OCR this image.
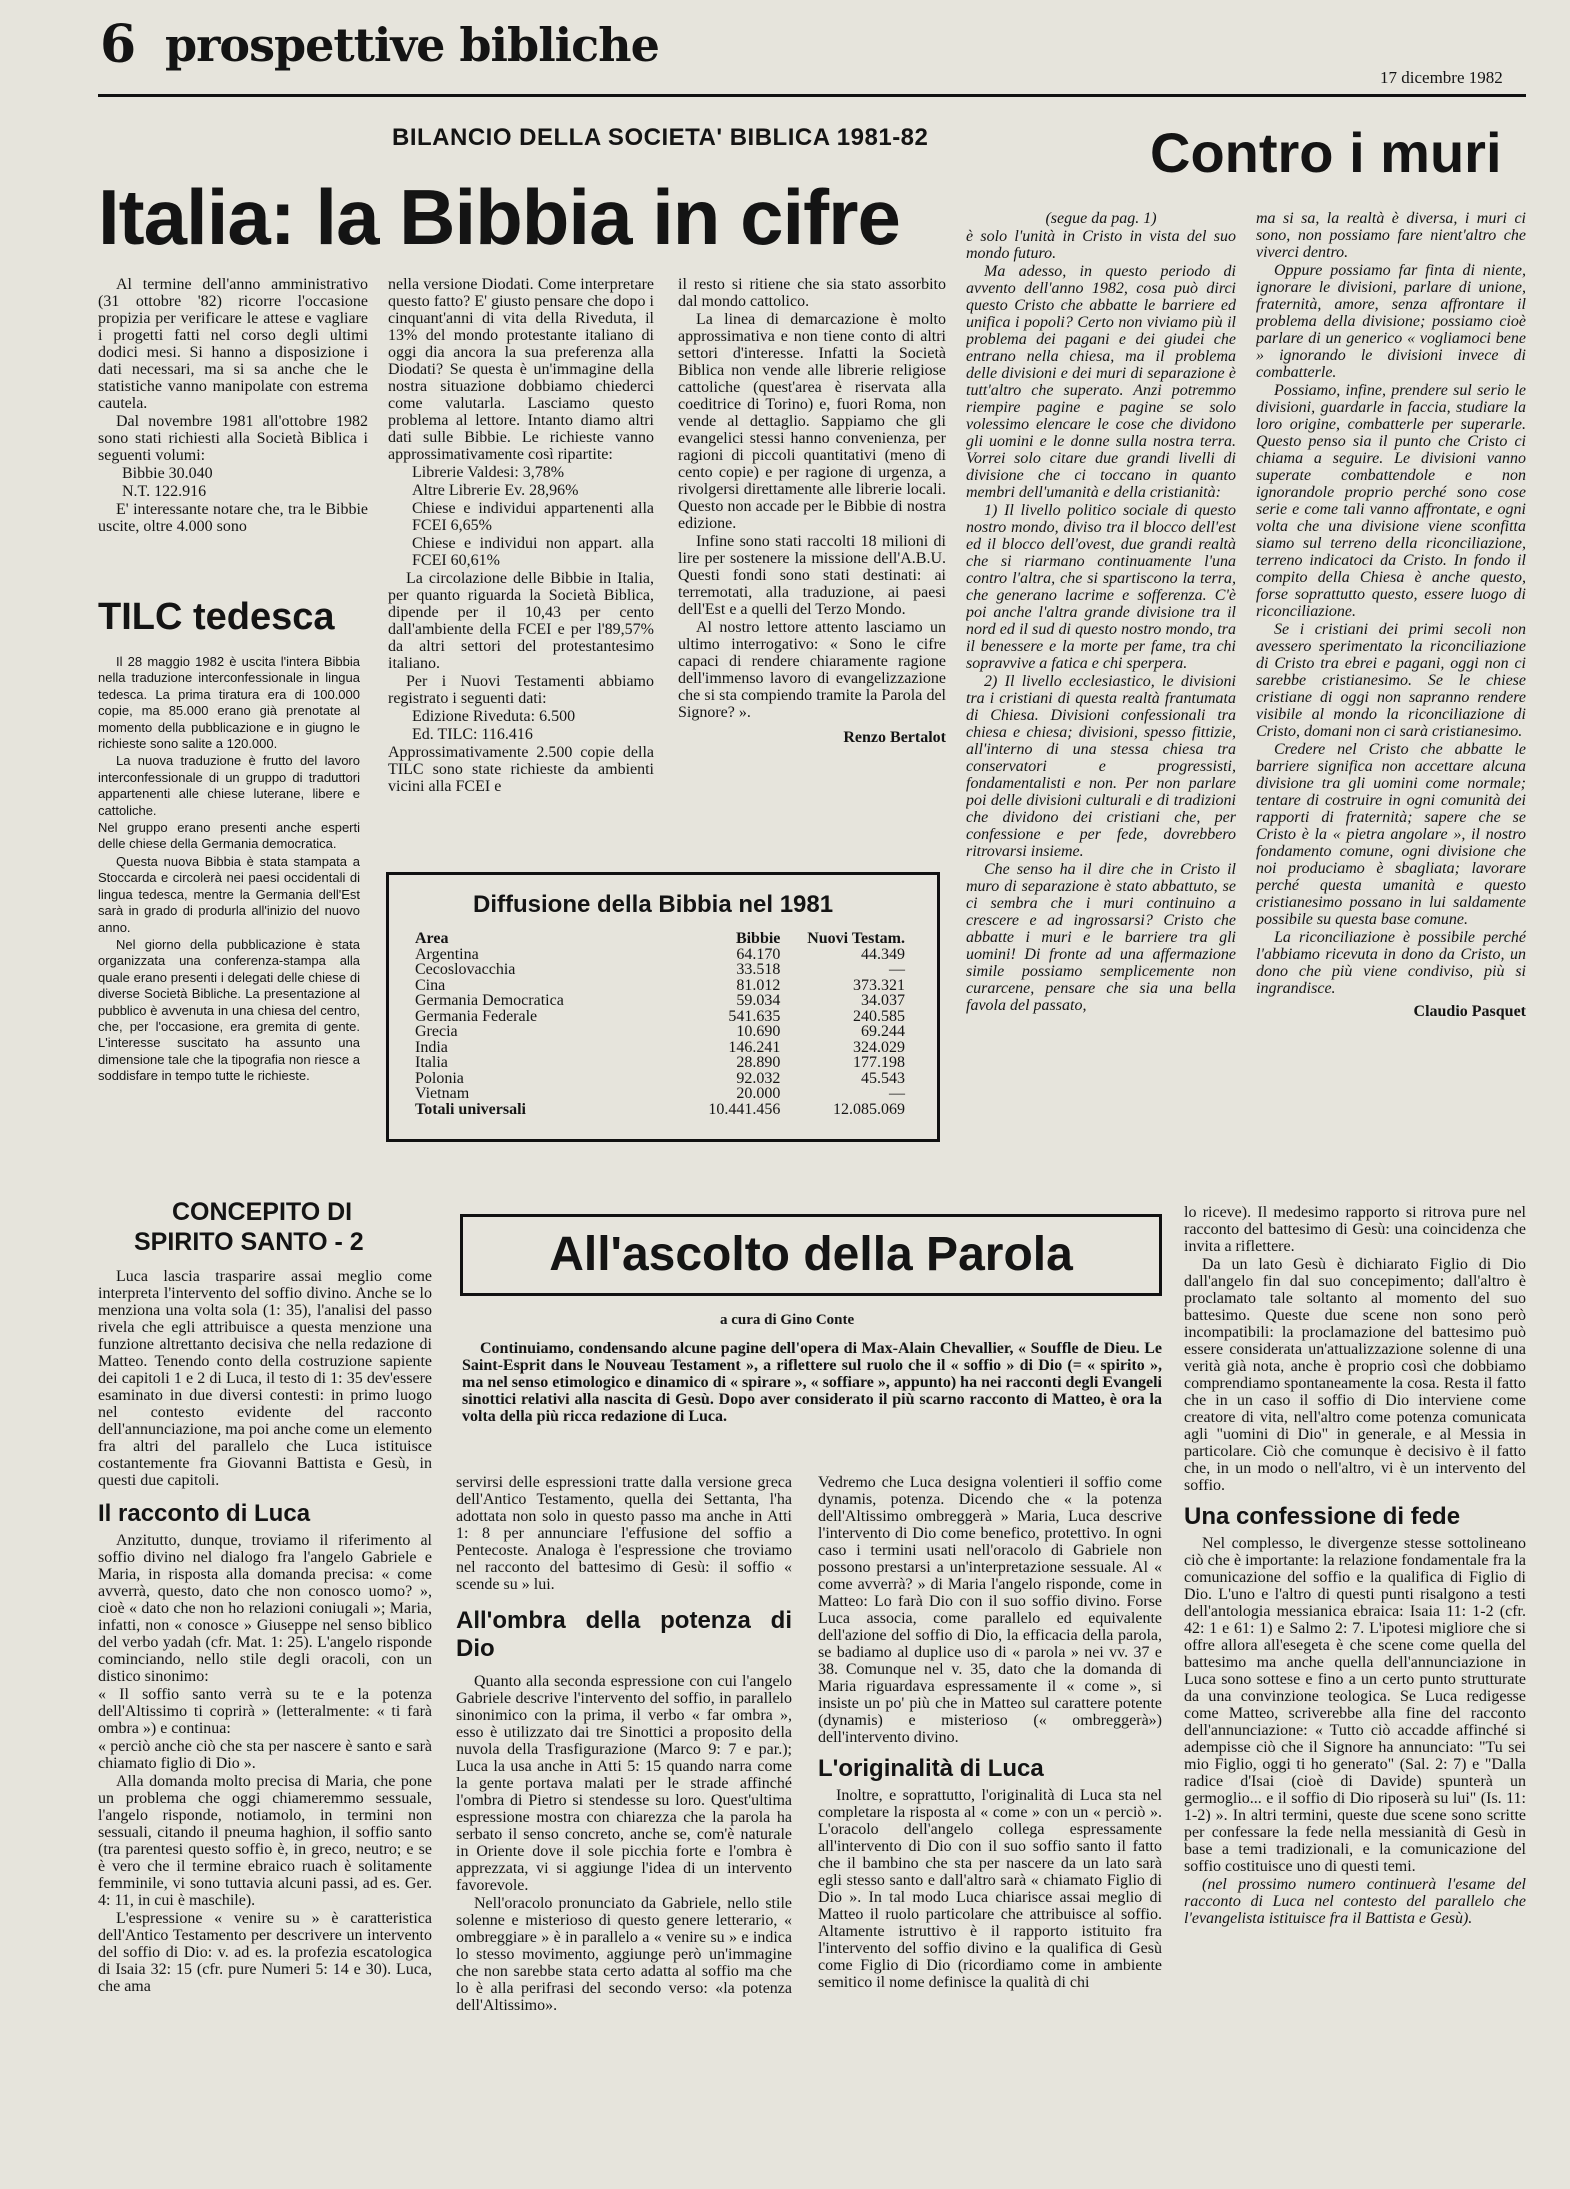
6 prospettive bibliche
17 dicembre 1982
BILANCIO DELLA SOCIETA' BIBLICA 1981-82
Italia: la Bibbia in cifre

Al termine dell'anno amministrativo (31 ottobre '82) ricorre l'occasione propizia per verificare le attese e vagliare i progetti fatti nel corso degli ultimi dodici mesi. Si hanno a disposizione i dati necessari, ma si sa anche che le statistiche vanno manipolate con estrema cautela.

Dal novembre 1981 all'ottobre 1982 sono stati richiesti alla Società Biblica i seguenti volumi:

Bibbie 30.040

N.T. 122.916

E' interessante notare che, tra le Bibbie uscite, oltre 4.000 sono

nella versione Diodati. Come interpretare questo fatto? E' giusto pensare che dopo i cinquant'anni di vita della Riveduta, il 13% del mondo protestante italiano di oggi dia ancora la sua preferenza alla Diodati? Se questa è un'immagine della nostra situazione dobbiamo chiederci come valutarla. Lasciamo questo problema al lettore. Intanto diamo altri dati sulle Bibbie. Le richieste vanno approssimativamente così ripartite:

Librerie Valdesi: 3,78%

Altre Librerie Ev. 28,96%

Chiese e individui appartenenti alla FCEI 6,65%

Chiese e individui non appart. alla FCEI 60,61%

La circolazione delle Bibbie in Italia, per quanto riguarda la Società Biblica, dipende per il 10,43 per cento dall'ambiente della FCEI e per l'89,57% da altri settori del protestantesimo italiano.

Per i Nuovi Testamenti abbiamo registrato i seguenti dati:

Edizione Riveduta: 6.500

Ed. TILC: 116.416

Approssimativamente 2.500 copie della TILC sono state richieste da ambienti vicini alla FCEI e

il resto si ritiene che sia stato assorbito dal mondo cattolico.

La linea di demarcazione è molto approssimativa e non tiene conto di altri settori d'interesse. Infatti la Società Biblica non vende alle librerie religiose cattoliche (quest'area è riservata alla coeditrice di Torino) e, fuori Roma, non vende al dettaglio. Sappiamo che gli evangelici stessi hanno convenienza, per ragioni di piccoli quantitativi (meno di cento copie) e per ragione di urgenza, a rivolgersi direttamente alle librerie locali. Questo non accade per le Bibbie di nostra edizione.

Infine sono stati raccolti 18 milioni di lire per sostenere la missione dell'A.B.U. Questi fondi sono stati destinati: ai terremotati, alla traduzione, ai paesi dell'Est e a quelli del Terzo Mondo.

Al nostro lettore attento lasciamo un ultimo interrogativo: « Sono le cifre capaci di rendere chiaramente ragione dell'immenso lavoro di evangelizzazione che si sta compiendo tramite la Parola del Signore? ».

Renzo Bertalot

TILC tedesca

Il 28 maggio 1982 è uscita l'intera Bibbia nella traduzione interconfessionale in lingua tedesca. La prima tiratura era di 100.000 copie, ma 85.000 erano già prenotate al momento della pubblicazione e in giugno le richieste sono salite a 120.000.

La nuova traduzione è frutto del lavoro interconfessionale di un gruppo di traduttori appartenenti alle chiese luterane, libere e cattoliche.

Nel gruppo erano presenti anche esperti delle chiese della Germania democratica.

Questa nuova Bibbia è stata stampata a Stoccarda e circolerà nei paesi occidentali di lingua tedesca, mentre la Germania dell'Est sarà in grado di produrla all'inizio del nuovo anno.

Nel giorno della pubblicazione è stata organizzata una conferenza-stampa alla quale erano presenti i delegati delle chiese di diverse Società Bibliche. La presentazione al pubblico è avvenuta in una chiesa del centro, che, per l'occasione, era gremita di gente. L'interesse suscitato ha assunto una dimensione tale che la tipografia non riesce a soddisfare in tempo tutte le richieste.

Diffusione della Bibbia nel 1981
Area	Bibbie	Nuovi Testam.
Argentina	64.170	44.349
Cecoslovacchia	33.518	—
Cina	81.012	373.321
Germania Democratica	59.034	34.037
Germania Federale	541.635	240.585
Grecia	10.690	69.244
India	146.241	324.029
Italia	28.890	177.198
Polonia	92.032	45.543
Vietnam	20.000	—
Totali universali	10.441.456	12.085.069
Contro i muri

(segue da pag. 1)

è solo l'unità in Cristo in vista del suo mondo futuro.

Ma adesso, in questo periodo di avvento dell'anno 1982, cosa può dirci questo Cristo che abbatte le barriere ed unifica i popoli? Certo non viviamo più il problema dei pagani e dei giudei che entrano nella chiesa, ma il problema delle divisioni e dei muri di separazione è tutt'altro che superato. Anzi potremmo riempire pagine e pagine se solo volessimo elencare le cose che dividono gli uomini e le donne sulla nostra terra. Vorrei solo citare due grandi livelli di divisione che ci toccano in quanto membri dell'umanità e della cristianità:

1) Il livello politico sociale di questo nostro mondo, diviso tra il blocco dell'est ed il blocco dell'ovest, due grandi realtà che si riarmano continuamente l'una contro l'altra, che si spartiscono la terra, che generano lacrime e sofferenza. C'è poi anche l'altra grande divisione tra il nord ed il sud di questo nostro mondo, tra il benessere e la morte per fame, tra chi sopravvive a fatica e chi sperpera.

2) Il livello ecclesiastico, le divisioni tra i cristiani di questa realtà frantumata di Chiesa. Divisioni confessionali tra chiesa e chiesa; divisioni, spesso fittizie, all'interno di una stessa chiesa tra conservatori e progressisti, fondamentalisti e non. Per non parlare poi delle divisioni culturali e di tradizioni che dividono dei cristiani che, per confessione e per fede, dovrebbero ritrovarsi insieme.

Che senso ha il dire che in Cristo il muro di separazione è stato abbattuto, se ci sembra che i muri continuino a crescere e ad ingrossarsi? Cristo che abbatte i muri e le barriere tra gli uomini! Di fronte ad una affermazione simile possiamo semplicemente non curarcene, pensare che sia una bella favola del passato,

ma si sa, la realtà è diversa, i muri ci sono, non possiamo fare nient'altro che viverci dentro.

Oppure possiamo far finta di niente, ignorare le divisioni, parlare di unione, fraternità, amore, senza affrontare il problema della divisione; possiamo cioè parlare di un generico « vogliamoci bene » ignorando le divisioni invece di combatterle.

Possiamo, infine, prendere sul serio le divisioni, guardarle in faccia, studiare la loro origine, combatterle per superarle. Questo penso sia il punto che Cristo ci chiama a seguire. Le divisioni vanno superate combattendole e non ignorandole proprio perché sono cose serie e come tali vanno affrontate, e ogni volta che una divisione viene sconfitta siamo sul terreno della riconciliazione, terreno indicatoci da Cristo. In fondo il compito della Chiesa è anche questo, forse soprattutto questo, essere luogo di riconciliazione.

Se i cristiani dei primi secoli non avessero sperimentato la riconciliazione di Cristo tra ebrei e pagani, oggi non ci sarebbe cristianesimo. Se le chiese cristiane di oggi non sapranno rendere visibile al mondo la riconciliazione di Cristo, domani non ci sarà cristianesimo.

Credere nel Cristo che abbatte le barriere significa non accettare alcuna divisione tra gli uomini come normale; tentare di costruire in ogni comunità dei rapporti di fraternità; sapere che se Cristo è la « pietra angolare », il nostro fondamento comune, ogni divisione che noi produciamo è sbagliata; lavorare perché questa umanità e questo cristianesimo possano in lui saldamente possibile su questa base comune.

La riconciliazione è possibile perché l'abbiamo ricevuta in dono da Cristo, un dono che più viene condiviso, più si ingrandisce.

Claudio Pasquet

CONCEPITO DI
SPIRITO SANTO - 2

Luca lascia trasparire assai meglio come interpreta l'intervento del soffio divino. Anche se lo menziona una volta sola (1: 35), l'analisi del passo rivela che egli attribuisce a questa menzione una funzione altrettanto decisiva che nella redazione di Matteo. Tenendo conto della costruzione sapiente dei capitoli 1 e 2 di Luca, il testo di 1: 35 dev'essere esaminato in due diversi contesti: in primo luogo nel contesto evidente del racconto dell'annunciazione, ma poi anche come un elemento fra altri del parallelo che Luca istituisce costantemente fra Giovanni Battista e Gesù, in questi due capitoli.

Il racconto di Luca

Anzitutto, dunque, troviamo il riferimento al soffio divino nel dialogo fra l'angelo Gabriele e Maria, in risposta alla domanda precisa: « come avverrà, questo, dato che non conosco uomo? », cioè « dato che non ho relazioni coniugali »; Maria, infatti, non « conosce » Giuseppe nel senso biblico del verbo yadah (cfr. Mat. 1: 25). L'angelo risponde cominciando, nello stile degli oracoli, con un distico sinonimo:

« Il soffio santo verrà su te e la potenza dell'Altissimo ti coprirà » (letteralmente: « ti farà ombra ») e continua:

« perciò anche ciò che sta per nascere è santo e sarà chiamato figlio di Dio ».

Alla domanda molto precisa di Maria, che pone un problema che oggi chiameremmo sessuale, l'angelo risponde, notiamolo, in termini non sessuali, citando il pneuma haghion, il soffio santo (tra parentesi questo soffio è, in greco, neutro; e se è vero che il termine ebraico ruach è solitamente femminile, vi sono tuttavia alcuni passi, ad es. Ger. 4: 11, in cui è maschile).

L'espressione « venire su » è caratteristica dell'Antico Testamento per descrivere un intervento del soffio di Dio: v. ad es. la profezia escatologica di Isaia 32: 15 (cfr. pure Numeri 5: 14 e 30). Luca, che ama

All'ascolto della Parola
a cura di Gino Conte

Continuiamo, condensando alcune pagine dell'opera di Max-Alain Chevallier, « Souffle de Dieu. Le Saint-Esprit dans le Nouveau Testament », a riflettere sul ruolo che il « soffio » di Dio (= « spirito », ma nel senso etimologico e dinamico di « spirare », « soffiare », appunto) ha nei racconti degli Evangeli sinottici relativi alla nascita di Gesù. Dopo aver considerato il più scarno racconto di Matteo, è ora la volta della più ricca redazione di Luca.

servirsi delle espressioni tratte dalla versione greca dell'Antico Testamento, quella dei Settanta, l'ha adottata non solo in questo passo ma anche in Atti 1: 8 per annunciare l'effusione del soffio a Pentecoste. Analoga è l'espressione che troviamo nel racconto del battesimo di Gesù: il soffio « scende su » lui.

All'ombra della potenza di Dio

Quanto alla seconda espressione con cui l'angelo Gabriele descrive l'intervento del soffio, in parallelo sinonimico con la prima, il verbo « far ombra », esso è utilizzato dai tre Sinottici a proposito della nuvola della Trasfigurazione (Marco 9: 7 e par.); Luca la usa anche in Atti 5: 15 quando narra come la gente portava malati per le strade affinché l'ombra di Pietro si stendesse su loro. Quest'ultima espressione mostra con chiarezza che la parola ha serbato il senso concreto, anche se, com'è naturale in Oriente dove il sole picchia forte e l'ombra è apprezzata, vi si aggiunge l'idea di un intervento favorevole.

Nell'oracolo pronunciato da Gabriele, nello stile solenne e misterioso di questo genere letterario, « ombreggiare » è in parallelo a « venire su » e indica lo stesso movimento, aggiunge però un'immagine che non sarebbe stata certo adatta al soffio ma che lo è alla perifrasi del secondo verso: «la potenza dell'Altissimo».

Vedremo che Luca designa volentieri il soffio come dynamis, potenza. Dicendo che « la potenza dell'Altissimo ombreggerà » Maria, Luca descrive l'intervento di Dio come benefico, protettivo. In ogni caso i termini usati nell'oracolo di Gabriele non possono prestarsi a un'interpretazione sessuale. Al « come avverrà? » di Maria l'angelo risponde, come in Matteo: Lo farà Dio con il suo soffio divino. Forse Luca associa, come parallelo ed equivalente dell'azione del soffio di Dio, la efficacia della parola, se badiamo al duplice uso di « parola » nei vv. 37 e 38. Comunque nel v. 35, dato che la domanda di Maria riguardava espressamente il « come », si insiste un po' più che in Matteo sul carattere potente (dynamis) e misterioso (« ombreggerà») dell'intervento divino.

L'originalità di Luca

Inoltre, e soprattutto, l'originalità di Luca sta nel completare la risposta al « come » con un « perciò ». L'oracolo dell'angelo collega espressamente all'intervento di Dio con il suo soffio santo il fatto che il bambino che sta per nascere da un lato sarà egli stesso santo e dall'altro sarà « chiamato Figlio di Dio ». In tal modo Luca chiarisce assai meglio di Matteo il ruolo particolare che attribuisce al soffio. Altamente istruttivo è il rapporto istituito fra l'intervento del soffio divino e la qualifica di Gesù come Figlio di Dio (ricordiamo come in ambiente semitico il nome definisce la qualità di chi

lo riceve). Il medesimo rapporto si ritrova pure nel racconto del battesimo di Gesù: una coincidenza che invita a riflettere.

Da un lato Gesù è dichiarato Figlio di Dio dall'angelo fin dal suo concepimento; dall'altro è proclamato tale soltanto al momento del suo battesimo. Queste due scene non sono però incompatibili: la proclamazione del battesimo può essere considerata un'attualizzazione solenne di una verità già nota, anche è proprio così che dobbiamo comprendiamo spontaneamente la cosa. Resta il fatto che in un caso il soffio di Dio interviene come creatore di vita, nell'altro come potenza comunicata agli "uomini di Dio" in generale, e al Messia in particolare. Ciò che comunque è decisivo è il fatto che, in un modo o nell'altro, vi è un intervento del soffio.

Una confessione di fede

Nel complesso, le divergenze stesse sottolineano ciò che è importante: la relazione fondamentale fra la comunicazione del soffio e la qualifica di Figlio di Dio. L'uno e l'altro di questi punti risalgono a testi dell'antologia messianica ebraica: Isaia 11: 1-2 (cfr. 42: 1 e 61: 1) e Salmo 2: 7. L'ipotesi migliore che si offre allora all'esegeta è che scene come quella del battesimo ma anche quella dell'annunciazione in Luca sono sottese e fino a un certo punto strutturate da una convinzione teologica. Se Luca redigesse come Matteo, scriverebbe alla fine del racconto dell'annunciazione: « Tutto ciò accadde affinché si adempisse ciò che il Signore ha annunciato: "Tu sei mio Figlio, oggi ti ho generato" (Sal. 2: 7) e "Dalla radice d'Isai (cioè di Davide) spunterà un germoglio... e il soffio di Dio riposerà su lui" (Is. 11: 1-2) ». In altri termini, queste due scene sono scritte per confessare la fede nella messianità di Gesù in base a temi tradizionali, e la comunicazione del soffio costituisce uno di questi temi.

(nel prossimo numero continuerà l'esame del racconto di Luca nel contesto del parallelo che l'evangelista istituisce fra il Battista e Gesù).
